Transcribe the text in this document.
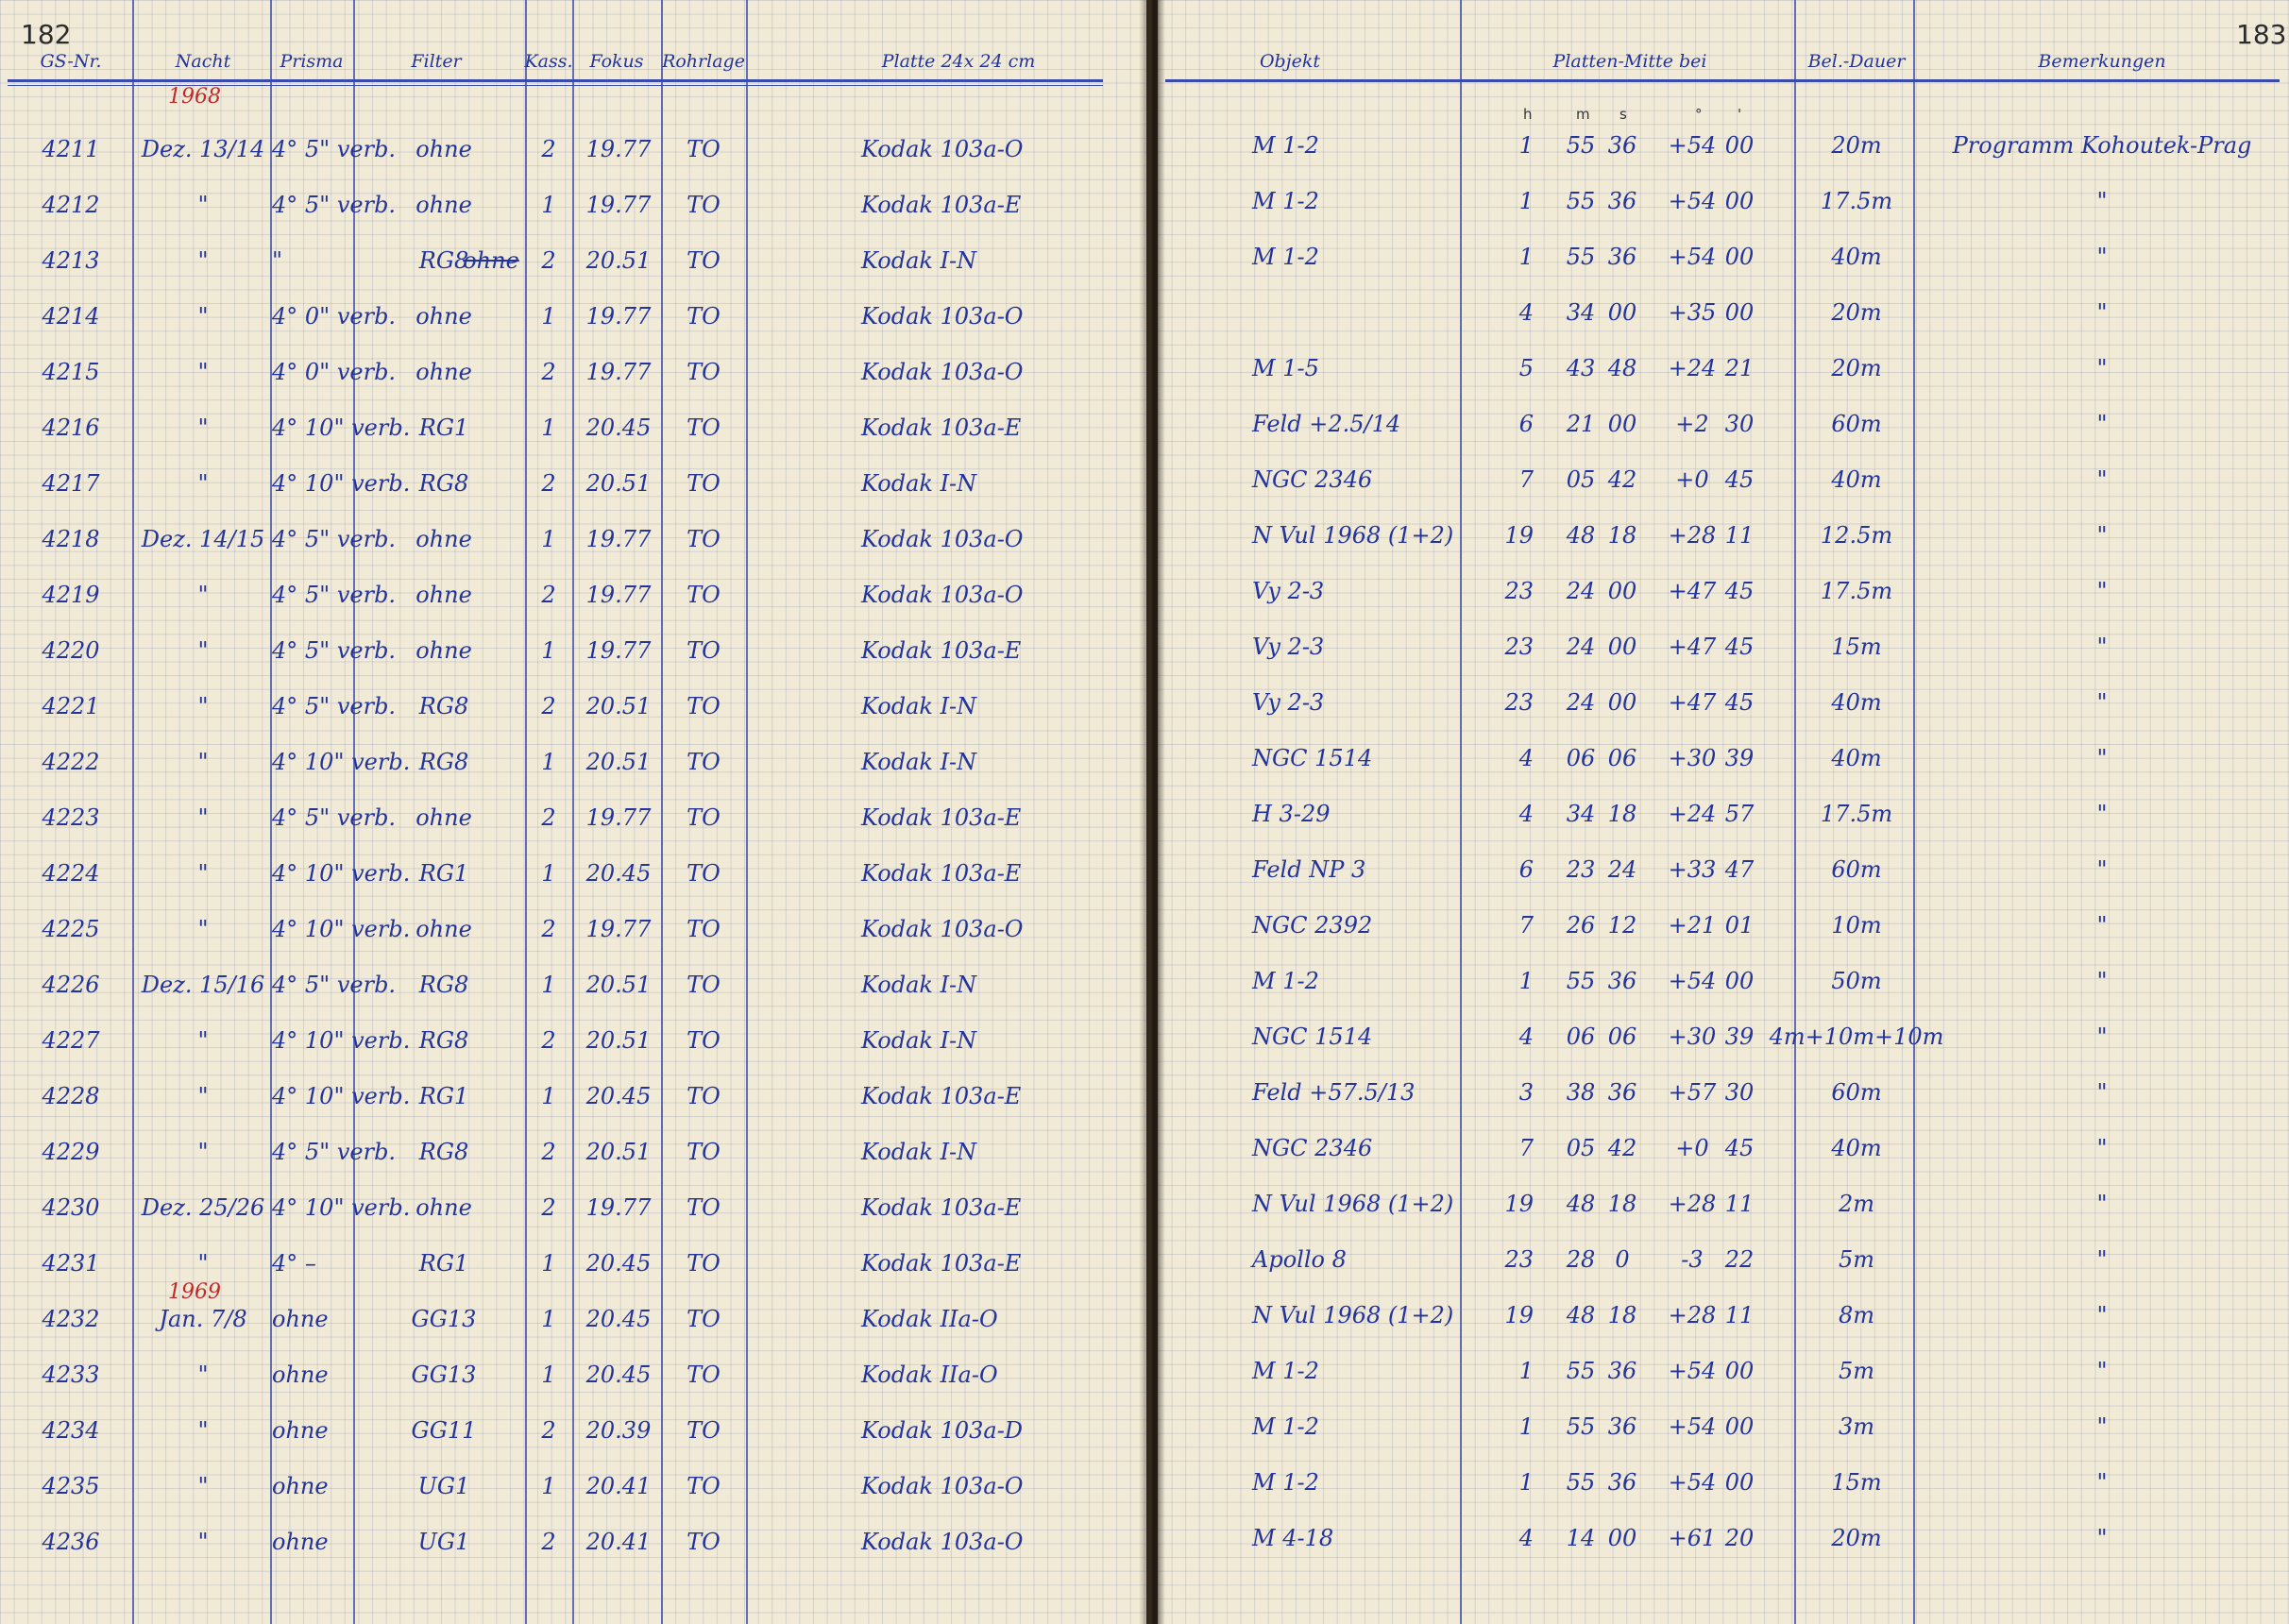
182
GS-Nr.	Nacht	Prisma	Filter	Kass. Fokus Rohrlage	Platte 24x 24 cm
1968
1969
4211 Dez. 13/14 4° 5" verb. ohne	2 19.77 TO	Kodak 103a-O
4212	"	4° 5" verb. ohne	1 19.77 TO	Kodak 103a-E
4213	"	"	RG8
ohne 2 20.51 TO	Kodak I-N
4214	"	4° 0" verb. ohne	1 19.77 TO	Kodak 103a-O
4215	"	4° 0" verb. ohne	2 19.77 TO	Kodak 103a-O
4216	"	4° 10" verb. RG1	1 20.45 TO	Kodak 103a-E
4217	"	4° 10" verb. RG8	2 20.51 TO	Kodak I-N
4218 Dez. 14/15 4° 5" verb. ohne	1 19.77 TO	Kodak 103a-O
4219	"	4° 5" verb. ohne	2 19.77 TO	Kodak 103a-O
4220	"	4° 5" verb. ohne	1 19.77 TO	Kodak 103a-E
4221	"	4° 5" verb. RG8	2 20.51 TO	Kodak I-N
4222	"	4° 10" verb. RG8	1 20.51 TO	Kodak I-N
4223	"	4° 5" verb. ohne	2 19.77 TO	Kodak 103a-E
4224	"	4° 10" verb. RG1	1 20.45 TO	Kodak 103a-E
4225	"	4° 10" verb. ohne	2 19.77 TO	Kodak 103a-O
4226 Dez. 15/16 4° 5" verb. RG8	1 20.51 TO	Kodak I-N
4227	"	4° 10" verb. RG8	2 20.51 TO	Kodak I-N
4228	"	4° 10" verb. RG1	1 20.45 TO	Kodak 103a-E
4229	"	4° 5" verb. RG8	2 20.51 TO	Kodak I-N
4230 Dez. 25/26 4° 10" verb. ohne	2 19.77 TO	Kodak 103a-E
4231	"	4° –	RG1	1 20.45 TO	Kodak 103a-E
4232	Jan. 7/8 ohne	GG13	1 20.45 TO	Kodak IIa-O
4233	"	ohne	GG13	1 20.45 TO	Kodak IIa-O
4234	"	ohne	GG11	2 20.39 TO	Kodak 103a-D
4235	"	ohne	UG1	1 20.41 TO	Kodak 103a-O
4236	"	ohne	UG1	2 20.41 TO	Kodak 103a-O
183
Objekt	Platten-Mitte bei	Bel.-Dauer	Bemerkungen
h	m s	°	'
M 1-2	1 55 36 +54 00	20m	Programm Kohoutek-Prag
M 1-2	1 55 36 +54 00	17.5m	"
M 1-2	1 55 36 +54 00	40m	"
4 34 00 +35 00	20m	"
M 1-5	5 43 48 +24 21	20m	"
Feld +2.5/14	6 21 00 +2 30	60m	"
NGC 2346	7 05 42 +0 45	40m	"
N Vul 1968 (1+2) 19 48 18 +28 11	12.5m	"
Vy 2-3	23 24 00 +47 45	17.5m	"
Vy 2-3	23 24 00 +47 45	15m	"
Vy 2-3	23 24 00 +47 45	40m	"
NGC 1514	4 06 06 +30 39	40m	"
H 3-29	4 34 18 +24 57	17.5m	"
Feld NP 3	6 23 24 +33 47	60m	"
NGC 2392	7 26 12 +21 01	10m	"
M 1-2	1 55 36 +54 00	50m	"
NGC 1514	4 06 06 +30 39 4m+10m+10m	"
Feld +57.5/13	3 38 36 +57 30	60m	"
NGC 2346	7 05 42 +0 45	40m	"
N Vul 1968 (1+2) 19 48 18 +28 11	2m	"
Apollo 8	23 28 0 -3 22	5m	"
N Vul 1968 (1+2) 19 48 18 +28 11	8m	"
M 1-2	1 55 36 +54 00	5m	"
M 1-2	1 55 36 +54 00	3m	"
M 1-2	1 55 36 +54 00	15m	"
M 4-18	4 14 00 +61 20	20m	"
